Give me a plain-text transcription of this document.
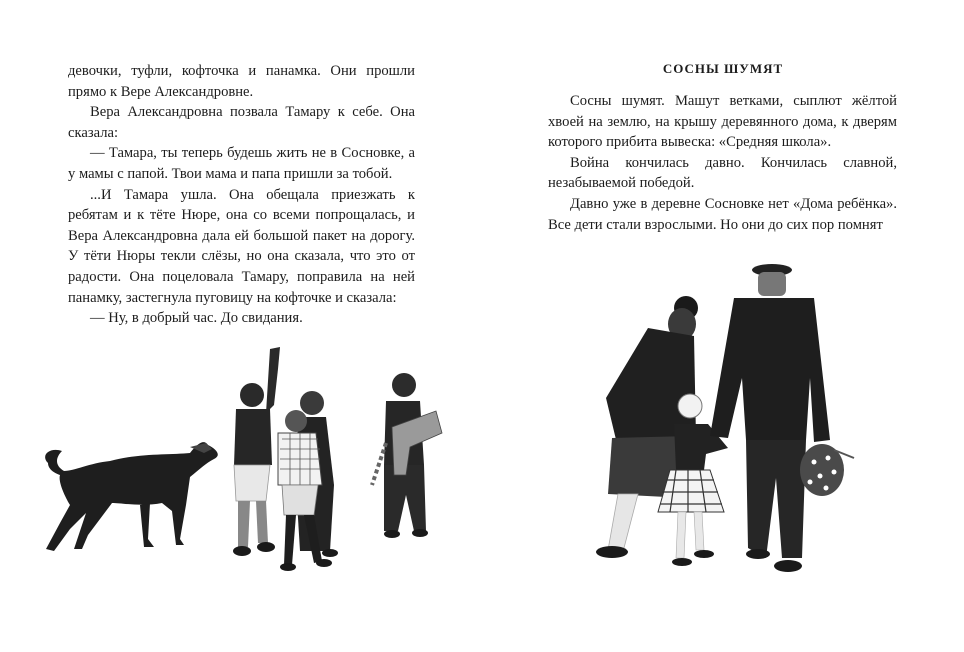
девочки, туфли, кофточка и панамка. Они прошли прямо к Вере Александровне.

Вера Александровна позвала Тамару к себе. Она сказала:

— Тамара, ты теперь будешь жить не в Сосновке, а у мамы с папой. Твои мама и папа пришли за тобой.

...И Тамара ушла. Она обещала приезжать к ребятам и к тёте Нюре, она со всеми попрощалась, и Вера Александровна дала ей большой пакет на дорогу. У тёти Нюры текли слёзы, но она сказала, что это от радости. Она поцеловала Тамару, поправила на ней панамку, застегнула пуговицу на кофточке и сказала:

— Ну, в добрый час. До свидания.

СОСНЫ ШУМЯТ

Сосны шумят. Машут ветками, сыплют жёлтой хвоей на землю, на крышу деревянного дома, к дверям которого прибита вывеска: «Средняя школа».

Война кончилась давно. Кончилась славной, незабываемой победой.

Давно уже в деревне Сосновке нет «Дома ребёнка». Все дети стали взрослыми. Но они до сих пор помнят
